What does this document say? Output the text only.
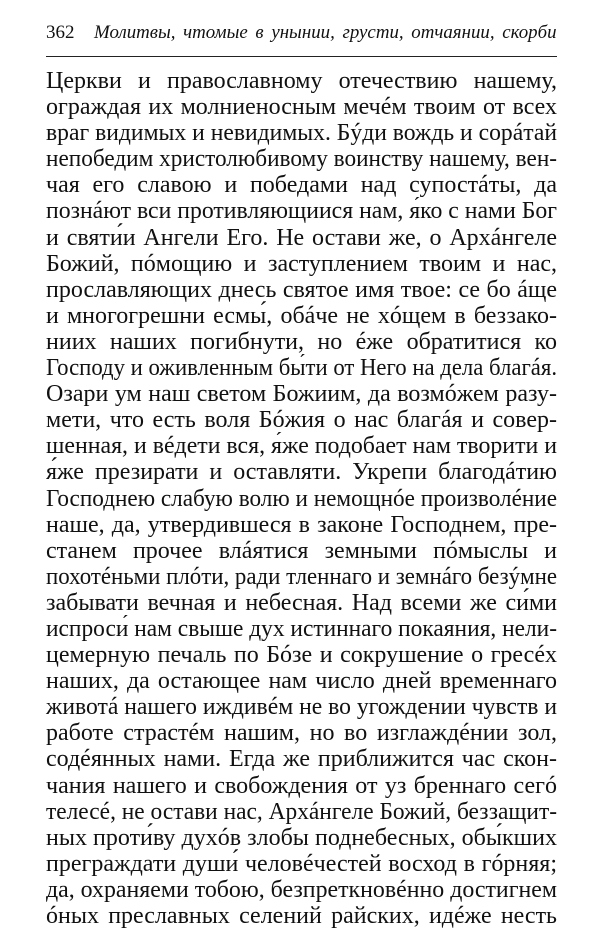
362 Молитвы, чтомые в унынии, грусти, отчаянии, скорби
Церкви и православному отечествию нашему,
ограждая их молниеносным мечéм твоим от всех
враг видимых и невидимых. Бýди вождь и сорáтай
непобедим христолюбивому воинству нашему, вен-
чая его славою и победами над супостáты, да
познáют вси противляющиися нам, я́ко с нами Бог
и святи́и Ангели Его. Не остави же, о Архáнгеле
Божий, пóмощию и заступлением твоим и нас,
прославляющих днесь святое имя твое: се бо áще
и многогрешни есмы́, обáче не хóщем в беззако-
ниих наших погибнути, но éже обратитися ко
Господу и оживленным бы́ти от Него на дела благáя.
Озари ум наш светом Божиим, да возмóжем разу-
мети, что есть воля Бóжия о нас благáя и совер-
шенная, и вéдети вся, я́же подобает нам творити и
я́же презирати и оставляти. Укрепи благодáтию
Господнею слабую волю и немощнóе произволéние
наше, да, утвердившеся в законе Господнем, пре-
станем прочее влáятися земными пóмыслы и
похотéньми плóти, ради тленнаго и земнáго безýмне
забывати вечная и небесная. Над всеми же си́ми
испроси́ нам свыше дух истиннаго покаяния, нели-
цемерную печаль по Бóзе и сокрушение о гресéх
наших, да остающее нам число дней временнаго
животá нашего иждивéм не во угождении чувств и
работе страстéм нашим, но во изглаждéнии зол,
содéянных нами. Егда же приближится час скон-
чания нашего и свобождения от уз бреннаго сегó
телесé, не остави нас, Архáнгеле Божий, беззащит-
ных проти́ву духóв злобы поднебесных, обы́кших
преграждати души́ человéчестей восход в гóрняя;
да, охраняеми тобою, безпреткновéнно достигнем
óных преславных селений райских, идéже несть
